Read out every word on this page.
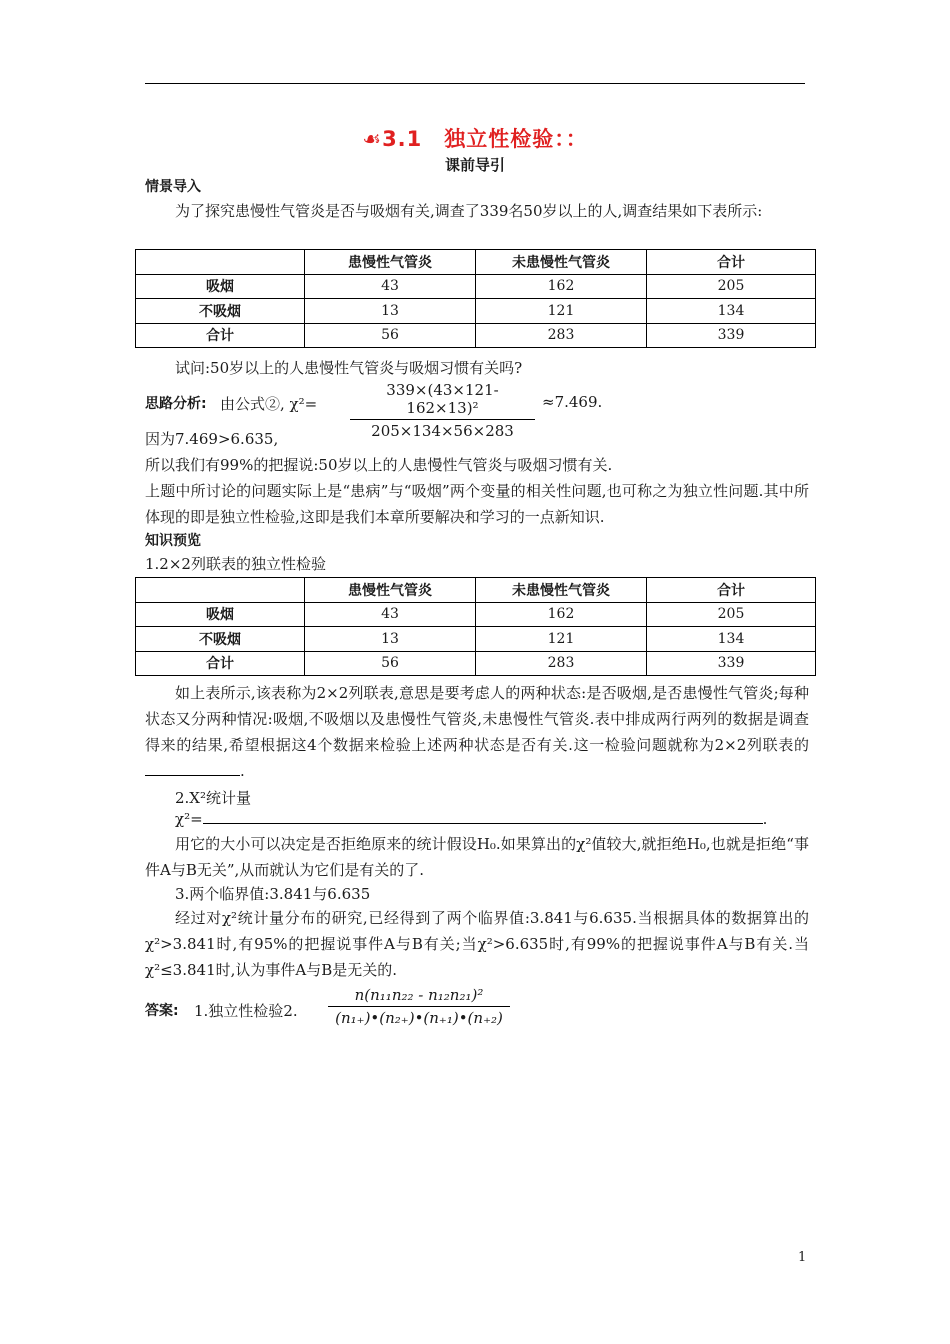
☙3.1　独立性检验：：
课前导引
情景导入

为了探究患慢性气管炎是否与吸烟有关,调查了339名50岁以上的人,调查结果如下表所示:

	患慢性气管炎	未患慢性气管炎	合计
吸烟	43	162	205
不吸烟	13	121	134
合计	56	283	339
试问:50岁以上的人患慢性气管炎与吸烟习惯有关吗?
思路分析: 由公式②, $\chi^2= \frac{\text{339×(43×121- 162×13)²}}{205\times 134\times 56\times 283} \approx 7.469$.

因为7.469>6.635,

所以我们有99%的把握说:50岁以上的人患慢性气管炎与吸烟习惯有关.

上题中所讨论的问题实际上是“患病”与“吸烟”两个变量的相关性问题,也可称之为独立性问题.其中所体现的即是独立性检验,这即是我们本章所要解决和学习的一点新知识.

知识预览
1.2×2列联表的独立性检验
	患慢性气管炎	未患慢性气管炎	合计
吸烟	43	162	205
不吸烟	13	121	134
合计	56	283	339

如上表所示,该表称为2×2列联表,意思是要考虑人的两种状态:是否吸烟,是否患慢性气管炎;每种状态又分两种情况:吸烟,不吸烟以及患慢性气管炎,未患慢性气管炎.表中排成两行两列的数据是调查得来的结果,希望根据这4个数据来检验上述两种状态是否有关.这一检验问题就称为2×2列联表的.

2.X²统计量
χ²=	.

用它的大小可以决定是否拒绝原来的统计假设H₀.如果算出的χ²值较大,就拒绝H₀,也就是拒绝“事件A与B无关”,从而就认为它们是有关的了.

3.两个临界值:3.841与6.635

经过对χ²统计量分布的研究,已经得到了两个临界值:3.841与6.635.当根据具体的数据算出的χ²>3.841时,有95%的把握说事件A与B有关;当χ²>6.635时,有99%的把握说事件A与B有关.当χ²≤3.841时,认为事件A与B是无关的.

答案: 1.独立性检验2. $\frac{\text{n(n₁₁n₂₂ - n₁₂n₂₁)²}}{\text{(n₁₊)•(n₂₊)•(n₊₁)•(n₊₂)}}$
1
